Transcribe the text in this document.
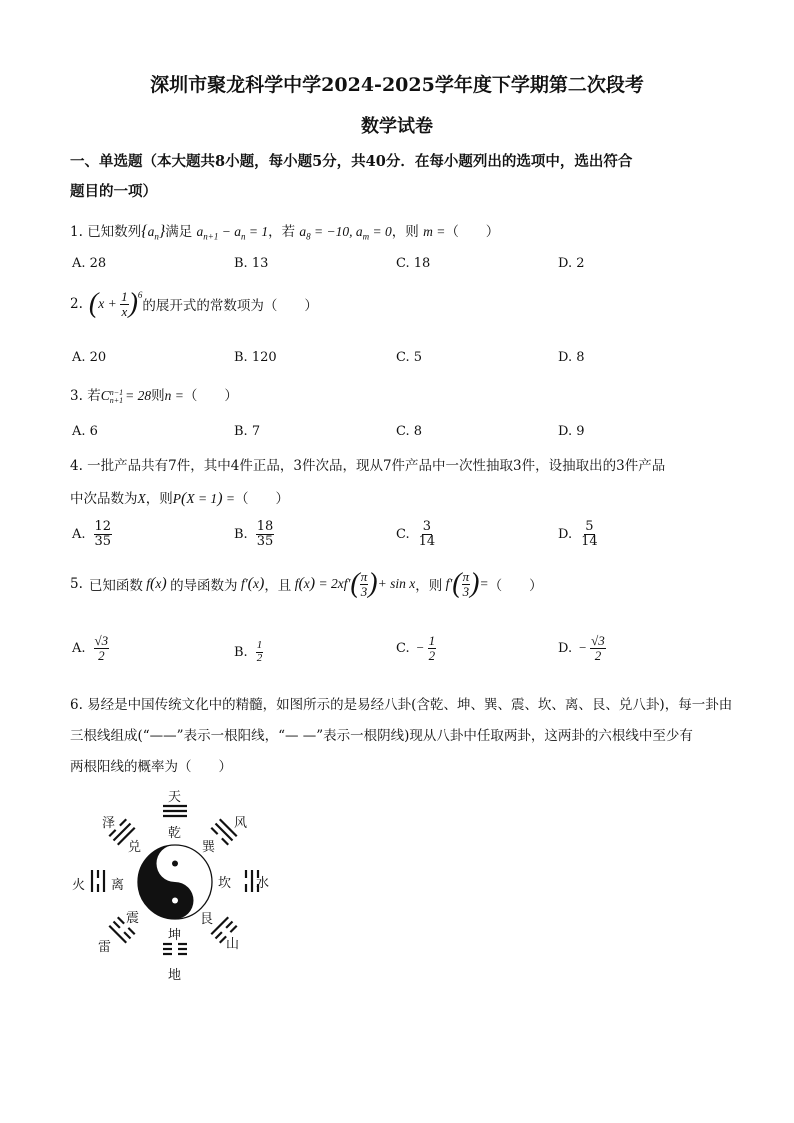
深圳市聚龙科学中学2024-2025学年度下学期第二次段考
数学试卷
一、单选题（本大题共8小题，每小题5分，共40分．在每小题列出的选项中，选出符合
题目的一项）
1. 已知数列$\{a_n\}$满足 $a_{n+1} - a_n = 1$，若 $a_8 = -10$, $a_m = 0$，则 m =（　　）
A. 28	B. 13	C. 18	D. 2
2. ( $x + \frac{1}{x}$ ) 6
的展开式的常数项为（　　）
A. 20	B. 120	C. 5	D. 8
3. 若C n−1
n+1 = 28则n =（　　）
A. 6	B. 7	C. 8	D. 9
4. 一批产品共有7件，其中4件正品，3件次品，现从7件产品中一次性抽取3件，设抽取出的3件产品
中次品数为X，则P(X = 1) =（　　）
A. $\frac{12}{35}$	B. $\frac{18}{35}$	C. $\frac{3}{14}$	D. $\frac{5}{14}$
5. 已知函数 f(x) 的导函数为 f′(x) ，且 f ( x ) = 2xf′ ( $\frac{\pi}{3}$ ) + sin x ，则 f′ ( $\frac{\pi}{3}$ ) = （　　）
A. $\frac{√3}{2}$	B. $\frac{1}{2}$	C. − $\frac{1}{2}$	D. − $\frac{√3}{2}$
6. 易经是中国传统文化中的精髓，如图所示的是易经八卦(含乾、坤、巽、震、坎、离、艮、兑八卦)，每一卦由
三根线组成(“——”表示一根阳线，“— —”表示一根阴线)现从八卦中任取两卦，这两卦的六根线中至少有
两根阳线的概率为（　　）
天
乾
风
巽
水
坎
山
艮
地
坤
雷
震
火 离
泽
兑
